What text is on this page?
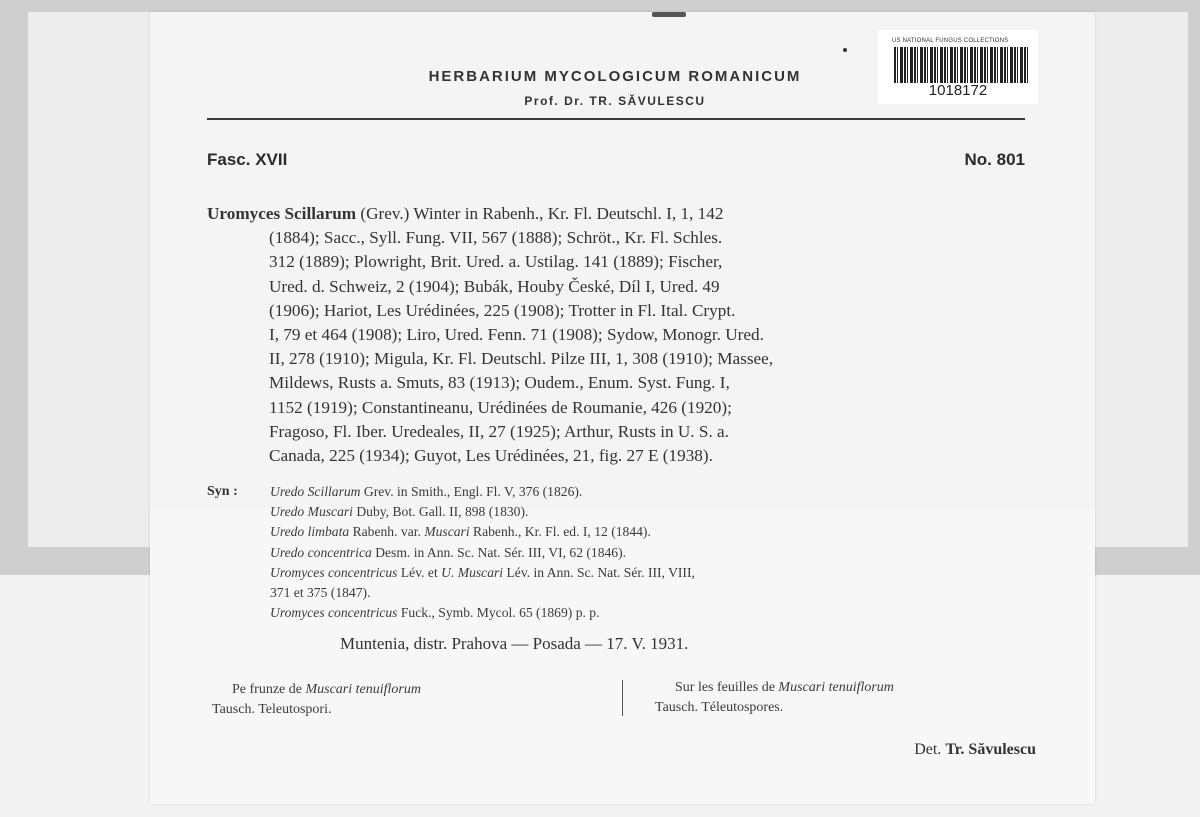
HERBARIUM MYCOLOGICUM ROMANICUM
Prof. Dr. TR. SĂVULESCU
US NATIONAL FUNGUS COLLECTIONS
1018172
Fasc. XVII	No. 801
Uromyces Scillarum (Grev.) Winter in Rabenh., Kr. Fl. Deutschl. I, 1, 142
(1884); Sacc., Syll. Fung. VII, 567 (1888); Schröt., Kr. Fl. Schles.
312 (1889); Plowright, Brit. Ured. a. Ustilag. 141 (1889); Fischer,
Ured. d. Schweiz, 2 (1904); Bubák, Houby České, Díl I, Ured. 49
(1906); Hariot, Les Urédinées, 225 (1908); Trotter in Fl. Ital. Crypt.
I, 79 et 464 (1908); Liro, Ured. Fenn. 71 (1908); Sydow, Monogr. Ured.
II, 278 (1910); Migula, Kr. Fl. Deutschl. Pilze III, 1, 308 (1910); Massee,
Mildews, Rusts a. Smuts, 83 (1913); Oudem., Enum. Syst. Fung. I,
1152 (1919); Constantineanu, Urédinées de Roumanie, 426 (1920);
Fragoso, Fl. Iber. Uredeales, II, 27 (1925); Arthur, Rusts in U. S. a.
Canada, 225 (1934); Guyot, Les Urédinées, 21, fig. 27 E (1938).
Syn : Uredo Scillarum Grev. in Smith., Engl. Fl. V, 376 (1826).
Uredo Muscari Duby, Bot. Gall. II, 898 (1830).
Uredo limbata Rabenh. var. Muscari Rabenh., Kr. Fl. ed. I, 12 (1844).
Uredo concentrica Desm. in Ann. Sc. Nat. Sér. III, VI, 62 (1846).
Uromyces concentricus Lév. et U. Muscari Lév. in Ann. Sc. Nat. Sér. III, VIII,
371 et 375 (1847).
Uromyces concentricus Fuck., Symb. Mycol. 65 (1869) p. p.
Muntenia, distr. Prahova — Posada — 17. V. 1931.
Pe frunze de Muscari tenuiflorum
Tausch. Teleutospori.
Sur les feuilles de Muscari tenuiflorum
Tausch. Téleutospores.
Det. Tr. Săvulescu
